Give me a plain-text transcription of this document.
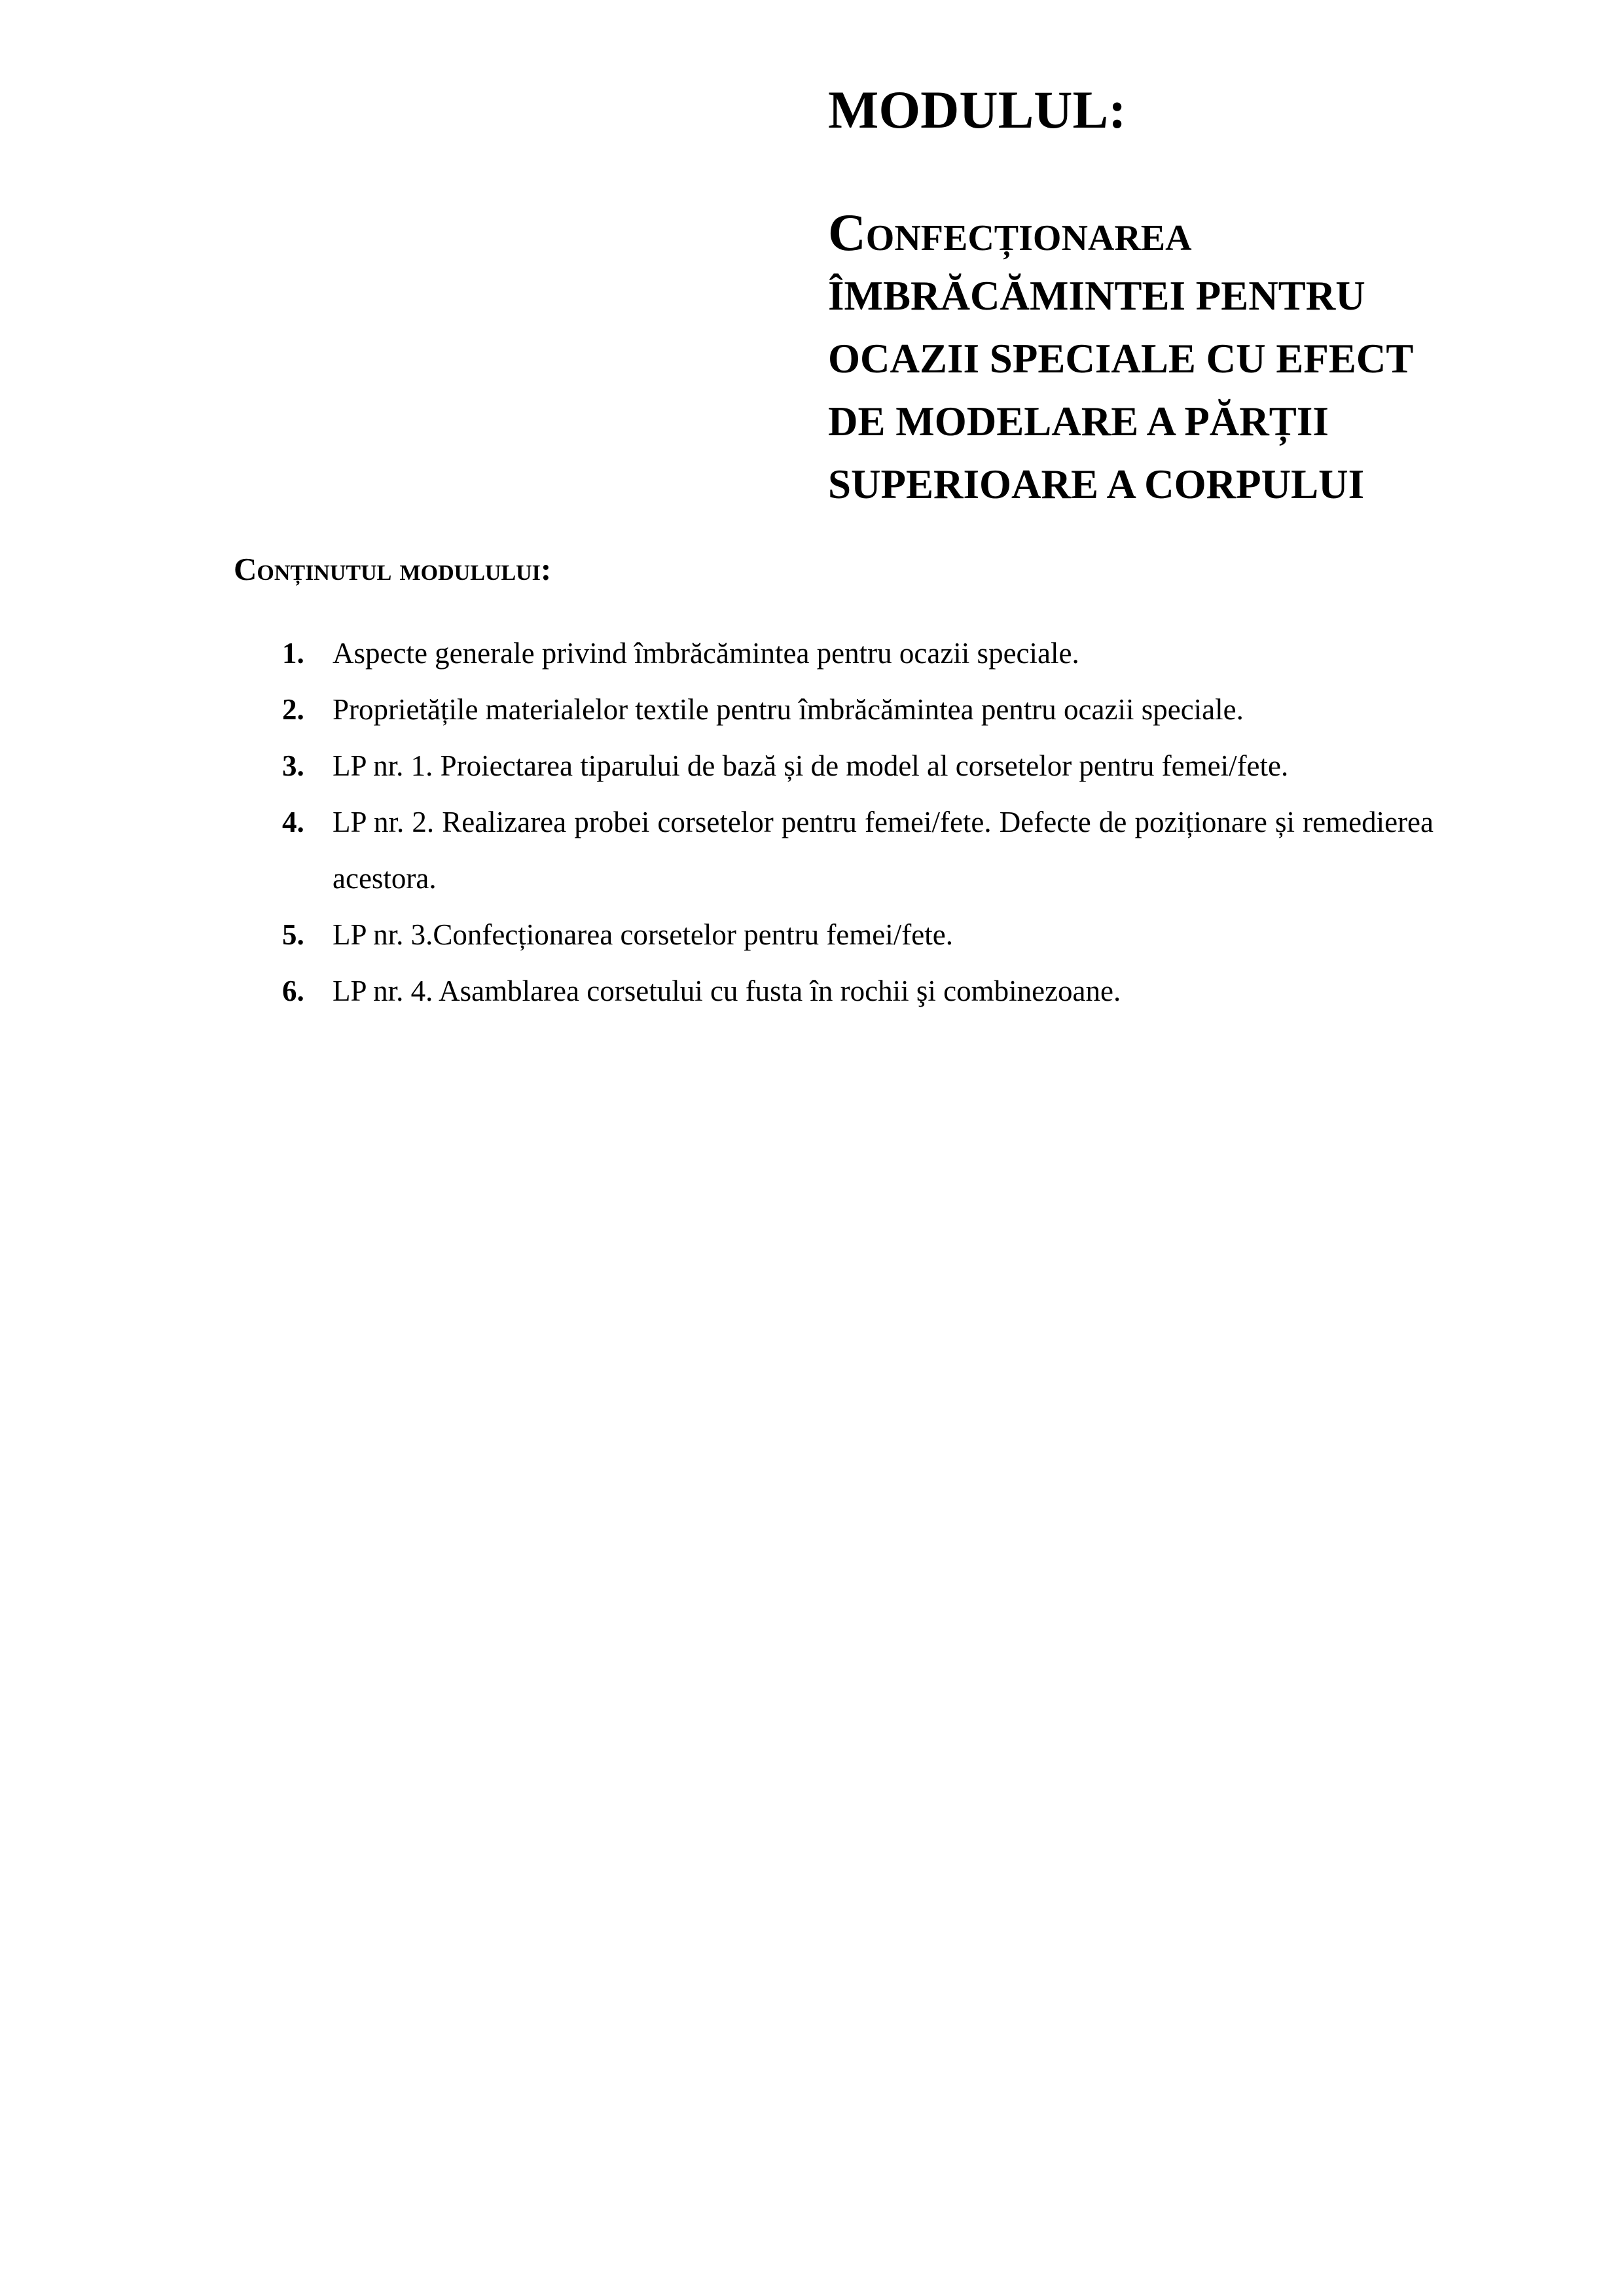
MODULUL:
Confecționarea
ÎMBRĂCĂMINTEI PENTRU
OCAZII SPECIALE CU EFECT
DE MODELARE A PĂRȚII
SUPERIOARE A CORPULUI
Conținutul modulului:
1. Aspecte generale privind îmbrăcămintea pentru ocazii speciale.
2. Proprietățile materialelor textile pentru îmbrăcămintea pentru ocazii speciale.
3. LP nr. 1. Proiectarea tiparului de bază și de model al corsetelor pentru femei/fete.
4. LP nr. 2. Realizarea probei corsetelor pentru femei/fete. Defecte de poziționare și remedierea acestora.
5. LP nr. 3.Confecționarea corsetelor pentru femei/fete.
6. LP nr. 4. Asamblarea corsetului cu fusta în rochii şi combinezoane.
